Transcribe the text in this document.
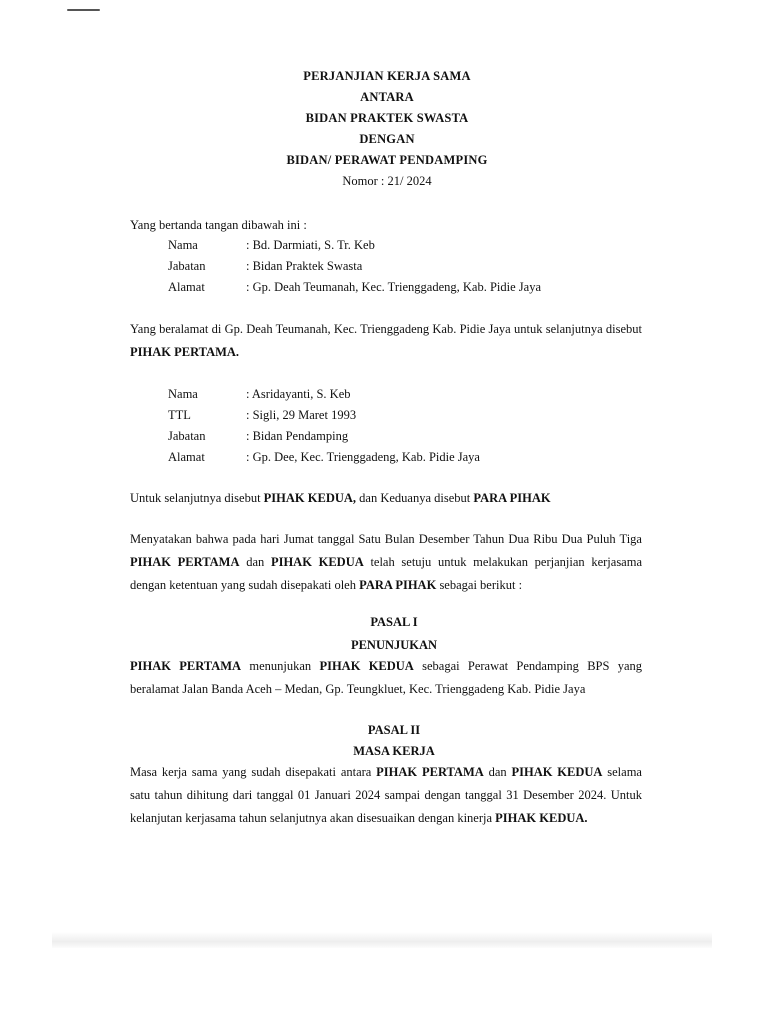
PERJANJIAN KERJA SAMA
ANTARA
BIDAN PRAKTEK SWASTA
DENGAN
BIDAN/ PERAWAT PENDAMPING
Nomor : 21/ 2024
Yang bertanda tangan dibawah ini :
Nama	: Bd. Darmiati, S. Tr. Keb
Jabatan	: Bidan Praktek Swasta
Alamat	: Gp. Deah Teumanah, Kec. Trienggadeng, Kab. Pidie Jaya
Yang beralamat di Gp. Deah Teumanah, Kec. Trienggadeng Kab. Pidie Jaya untuk selanjutnya disebut PIHAK PERTAMA.
Nama	: Asridayanti, S. Keb
TTL	: Sigli, 29 Maret 1993
Jabatan	: Bidan Pendamping
Alamat	: Gp. Dee, Kec. Trienggadeng, Kab. Pidie Jaya
Untuk selanjutnya disebut PIHAK KEDUA, dan Keduanya disebut PARA PIHAK
Menyatakan bahwa pada hari Jumat tanggal Satu Bulan Desember Tahun Dua Ribu Dua Puluh Tiga PIHAK PERTAMA dan PIHAK KEDUA telah setuju untuk melakukan perjanjian kerjasama dengan ketentuan yang sudah disepakati oleh PARA PIHAK sebagai berikut :
PASAL I
PENUNJUKAN
PIHAK PERTAMA menunjukan PIHAK KEDUA sebagai Perawat Pendamping BPS yang beralamat Jalan Banda Aceh – Medan, Gp. Teungkluet, Kec. Trienggadeng Kab. Pidie Jaya
PASAL II
MASA KERJA
Masa kerja sama yang sudah disepakati antara PIHAK PERTAMA dan PIHAK KEDUA selama satu tahun dihitung dari tanggal 01 Januari 2024 sampai dengan tanggal 31 Desember 2024. Untuk kelanjutan kerjasama tahun selanjutnya akan disesuaikan dengan kinerja PIHAK KEDUA.
